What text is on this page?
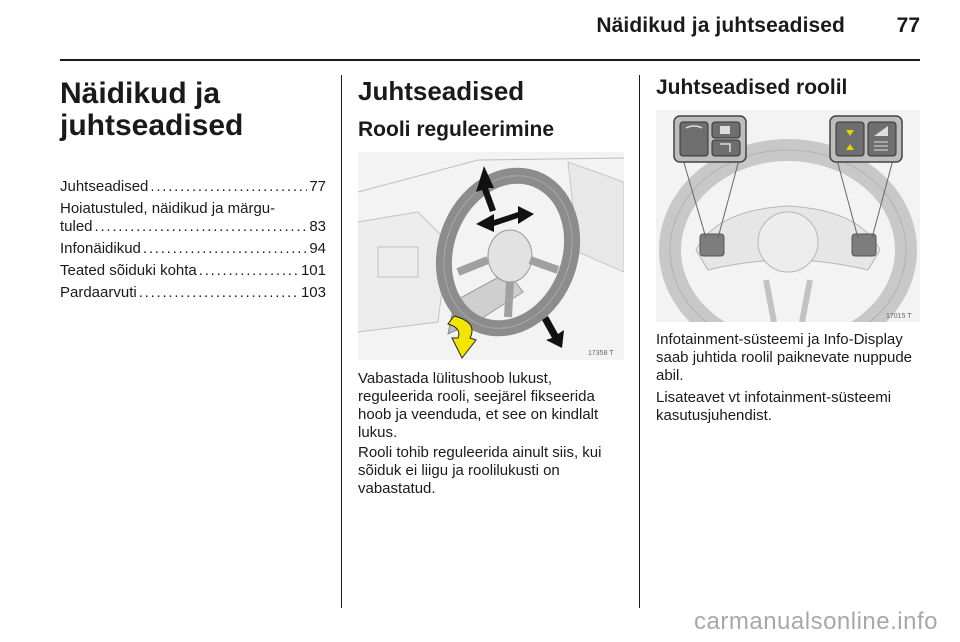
Näidikud ja juhtseadised 77
Näidikud ja juhtseadised
Juhtseadised . . .	77
Hoiatustuled, näidikud ja märgu-
tuled . . .	83
Infonäidikud . . .	94
Teated sõiduki kohta . . .	101
Pardaarvuti . . .	103
Juhtseadised
Rooli reguleerimine
17358 T
Vabastada lülitushoob lukust, reguleerida rooli, seejärel fikseerida hoob ja veenduda, et see on kindlalt lukus.
Rooli tohib reguleerida ainult siis, kui sõiduk ei liigu ja roolilukusti on vabastatud.
Juhtseadised roolil
17015 T
Infotainment-süsteemi ja Info-Display saab juhtida roolil paiknevate nuppude abil.
Lisateavet vt infotainment-süsteemi kasutusjuhendist.
carmanualsonline.info
